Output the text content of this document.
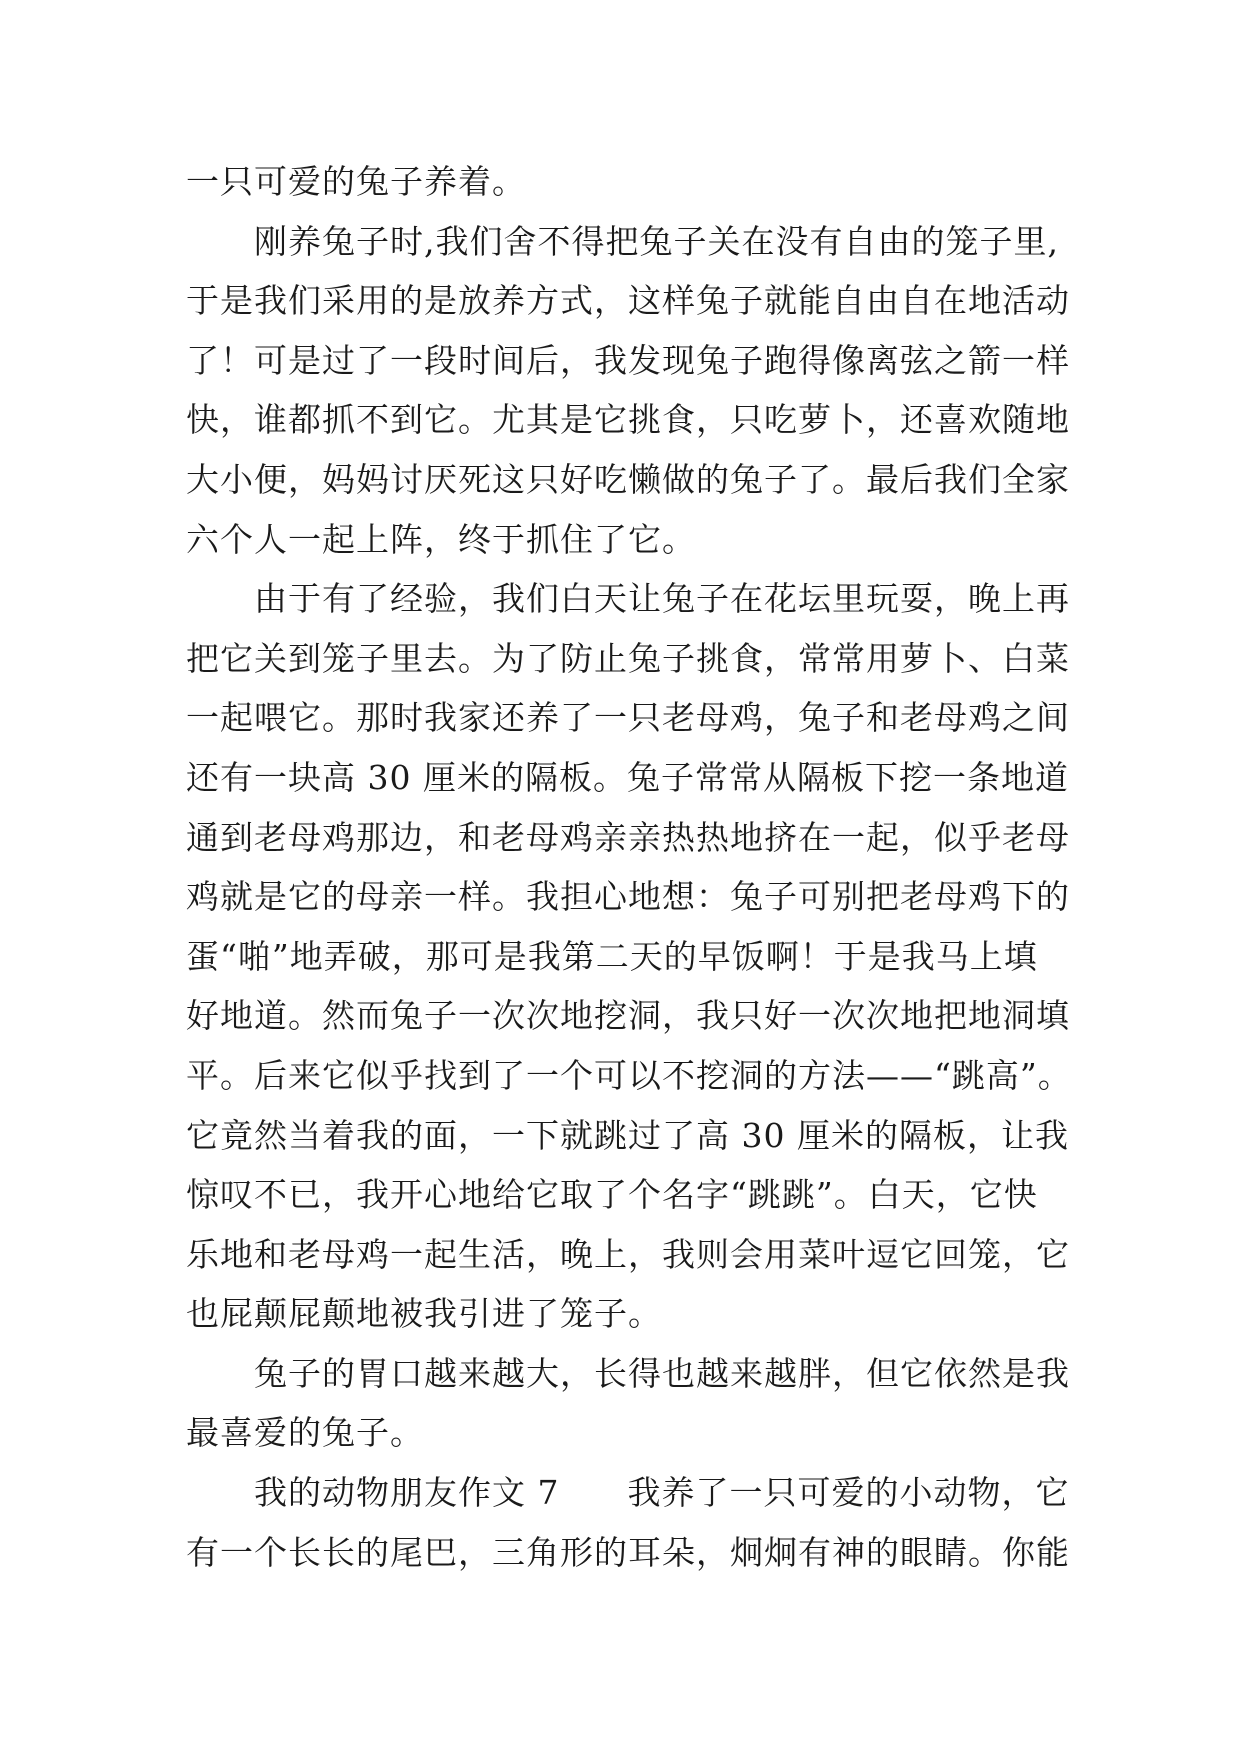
一只可爱的兔子养着。
刚养兔子时,我们舍不得把兔子关在没有自由的笼子里,
于是我们采用的是放养方式，这样兔子就能自由自在地活动
了！可是过了一段时间后，我发现兔子跑得像离弦之箭一样
快，谁都抓不到它。尤其是它挑食，只吃萝卜，还喜欢随地
大小便，妈妈讨厌死这只好吃懒做的兔子了。最后我们全家
六个人一起上阵，终于抓住了它。
由于有了经验，我们白天让兔子在花坛里玩耍，晚上再
把它关到笼子里去。为了防止兔子挑食，常常用萝卜、白菜
一起喂它。那时我家还养了一只老母鸡，兔子和老母鸡之间
还有一块高 30 厘米的隔板。兔子常常从隔板下挖一条地道
通到老母鸡那边，和老母鸡亲亲热热地挤在一起，似乎老母
鸡就是它的母亲一样。我担心地想：兔子可别把老母鸡下的
蛋“啪”地弄破，那可是我第二天的早饭啊！于是我马上填
好地道。然而兔子一次次地挖洞，我只好一次次地把地洞填
平。后来它似乎找到了一个可以不挖洞的方法——“跳高”。
它竟然当着我的面，一下就跳过了高 30 厘米的隔板，让我
惊叹不已，我开心地给它取了个名字“跳跳”。白天，它快
乐地和老母鸡一起生活，晚上，我则会用菜叶逗它回笼，它
也屁颠屁颠地被我引进了笼子。
兔子的胃口越来越大，长得也越来越胖，但它依然是我
最喜爱的兔子。
我的动物朋友作文 7　　我养了一只可爱的小动物，它
有一个长长的尾巴，三角形的耳朵，炯炯有神的眼睛。你能
